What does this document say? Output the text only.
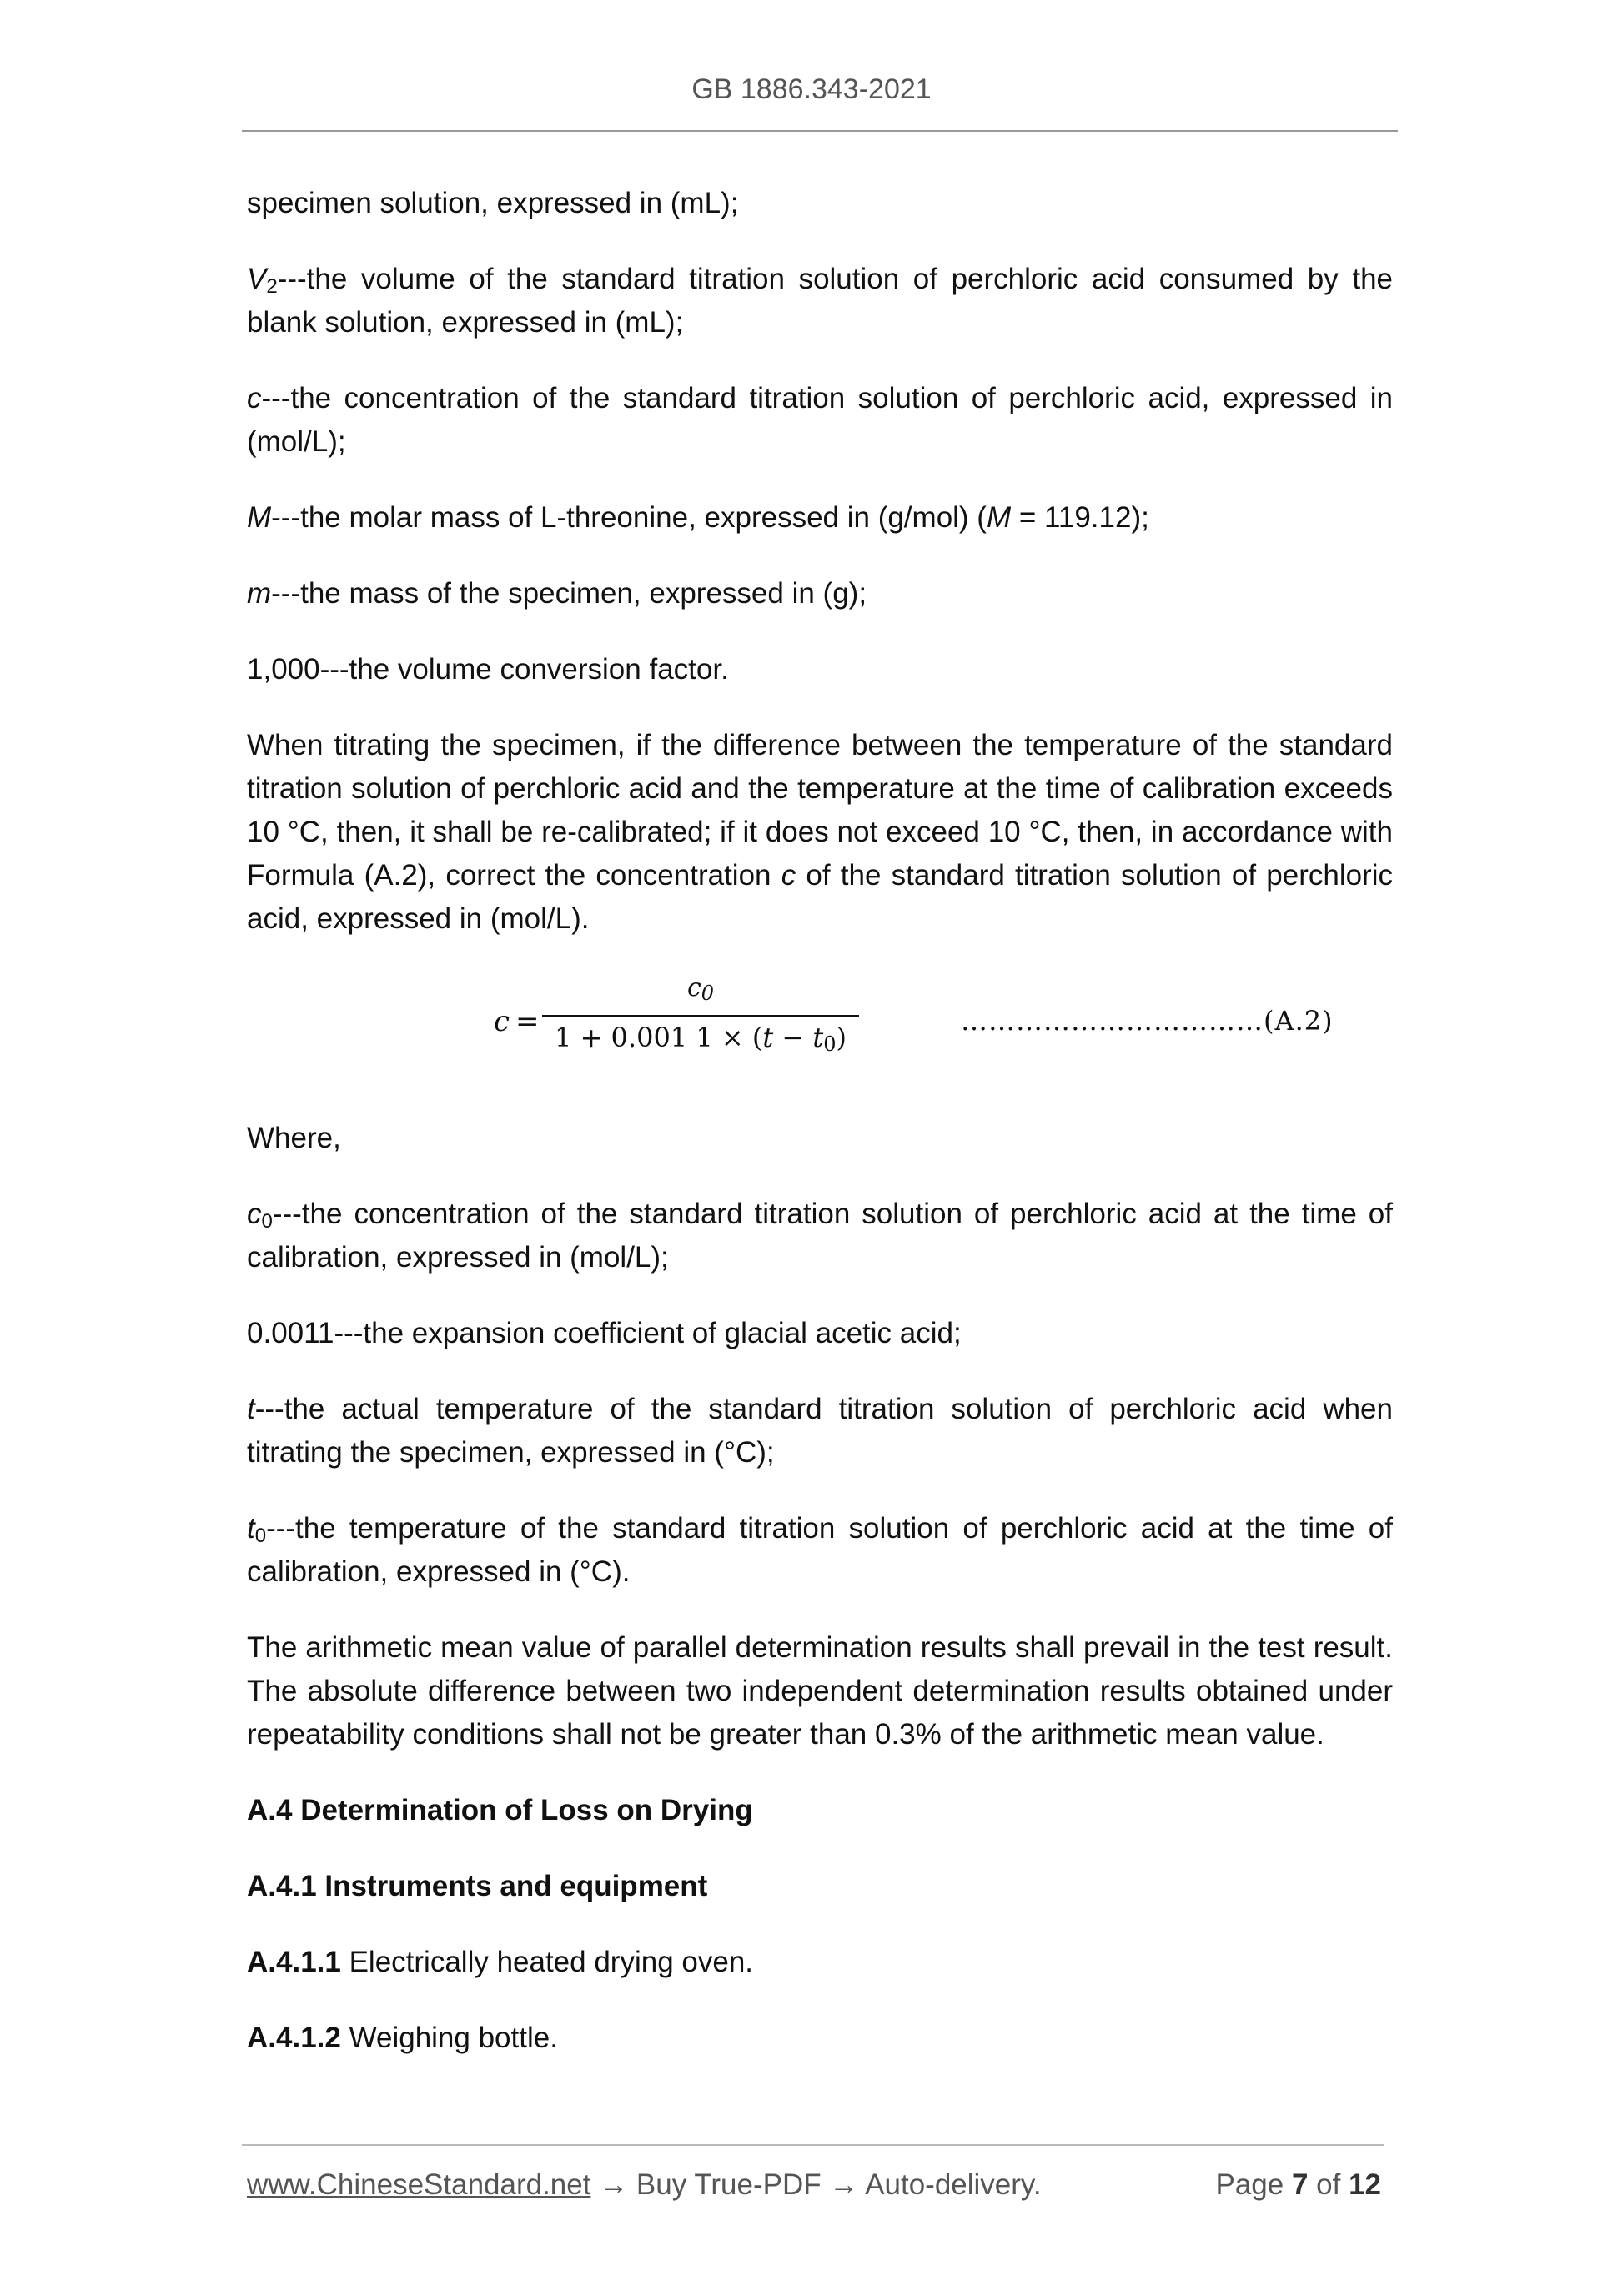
GB 1886.343-2021

specimen solution, expressed in (mL);

$V_2--$-the volume of the standard titration solution of perchloric acid consumed by the blank solution, expressed in (mL);

c---the concentration of the standard titration solution of perchloric acid, expressed in (mol/L);

M---the molar mass of L-threonine, expressed in (g/mol) (M = 119.12);

m---the mass of the specimen, expressed in (g);

1,000---the volume conversion factor.

When titrating the specimen, if the difference between the temperature of the standard titration solution of perchloric acid and the temperature at the time of calibration exceeds 10 °C, then, it shall be re-calibrated; if it does not exceed 10 °C, then, in accordance with Formula (A.2), correct the concentration c of the standard titration solution of perchloric acid, expressed in (mol/L).

c =
$c_0$
1 + 0.001 $1 \times (t - t_0)$
……………………………(A.2)

Where,

$c_0--$-the concentration of the standard titration solution of perchloric acid at the time of calibration, expressed in (mol/L);

0.0011---the expansion coefficient of glacial acetic acid;

t---the actual temperature of the standard titration solution of perchloric acid when titrating the specimen, expressed in (°C);

$t_0--$-the temperature of the standard titration solution of perchloric acid at the time of calibration, expressed in (°C).

The arithmetic mean value of parallel determination results shall prevail in the test result. The absolute difference between two independent determination results obtained under repeatability conditions shall not be greater than 0.3% of the arithmetic mean value.

A.4 Determination of Loss on Drying

A.4.1 Instruments and equipment

A.4.1.1 Electrically heated drying oven.

A.4.1.2 Weighing bottle.

www.ChineseStandard.net → Buy True-PDF → Auto-delivery.	Page 7 of 12
